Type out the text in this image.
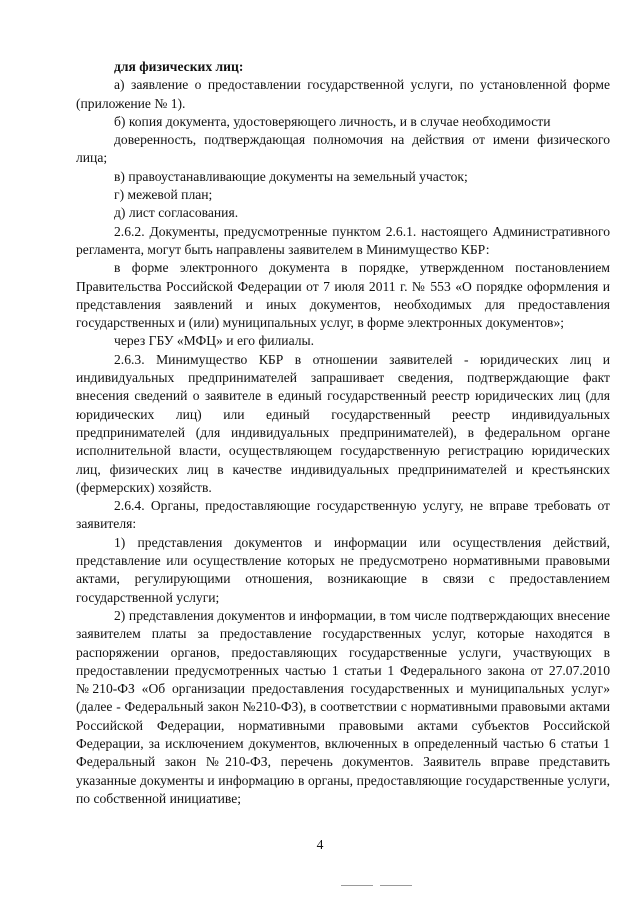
для физических лиц:

а) заявление о предоставлении государственной услуги, по установленной форме (приложение № 1).

б) копия документа, удостоверяющего личность, и в случае необходимости

доверенность, подтверждающая полномочия на действия от имени физического лица;

в) правоустанавливающие документы на земельный участок;

г) межевой план;

д) лист согласования.

2.6.2. Документы, предусмотренные пунктом 2.6.1. настоящего Административного регламента, могут быть направлены заявителем в Минимущество КБР:

в форме электронного документа в порядке, утвержденном постановлением Правительства Российской Федерации от 7 июля 2011 г. № 553 «О порядке оформления и представления заявлений и иных документов, необходимых для предоставления государственных и (или) муниципальных услуг, в форме электронных документов»;

через ГБУ «МФЦ» и его филиалы.

2.6.3. Минимущество КБР в отношении заявителей - юридических лиц и индивидуальных предпринимателей запрашивает сведения, подтверждающие факт внесения сведений о заявителе в единый государственный реестр юридических лиц (для юридических лиц) или единый государственный реестр индивидуальных предпринимателей (для индивидуальных предпринимателей), в федеральном органе исполнительной власти, осуществляющем государственную регистрацию юридических лиц, физических лиц в качестве индивидуальных предпринимателей и крестьянских (фермерских) хозяйств.

2.6.4. Органы, предоставляющие государственную услугу, не вправе требовать от заявителя:

1) представления документов и информации или осуществления действий, представление или осуществление которых не предусмотрено нормативными правовыми актами, регулирующими отношения, возникающие в связи с предоставлением государственной услуги;

2) представления документов и информации, в том числе подтверждающих внесение заявителем платы за предоставление государственных услуг, которые находятся в распоряжении органов, предоставляющих государственные услуги, участвующих в предоставлении предусмотренных частью 1 статьи 1 Федерального закона от 27.07.2010 №210-ФЗ «Об организации предоставления государственных и муниципальных услуг» (далее - Федеральный закон №210-ФЗ), в соответствии с нормативными правовыми актами Российской Федерации, нормативными правовыми актами субъектов Российской Федерации, за исключением документов, включенных в определенный частью 6 статьи 1 Федеральный закон №210-ФЗ, перечень документов. Заявитель вправе представить указанные документы и информацию в органы, предоставляющие государственные услуги, по собственной инициативе;

4
